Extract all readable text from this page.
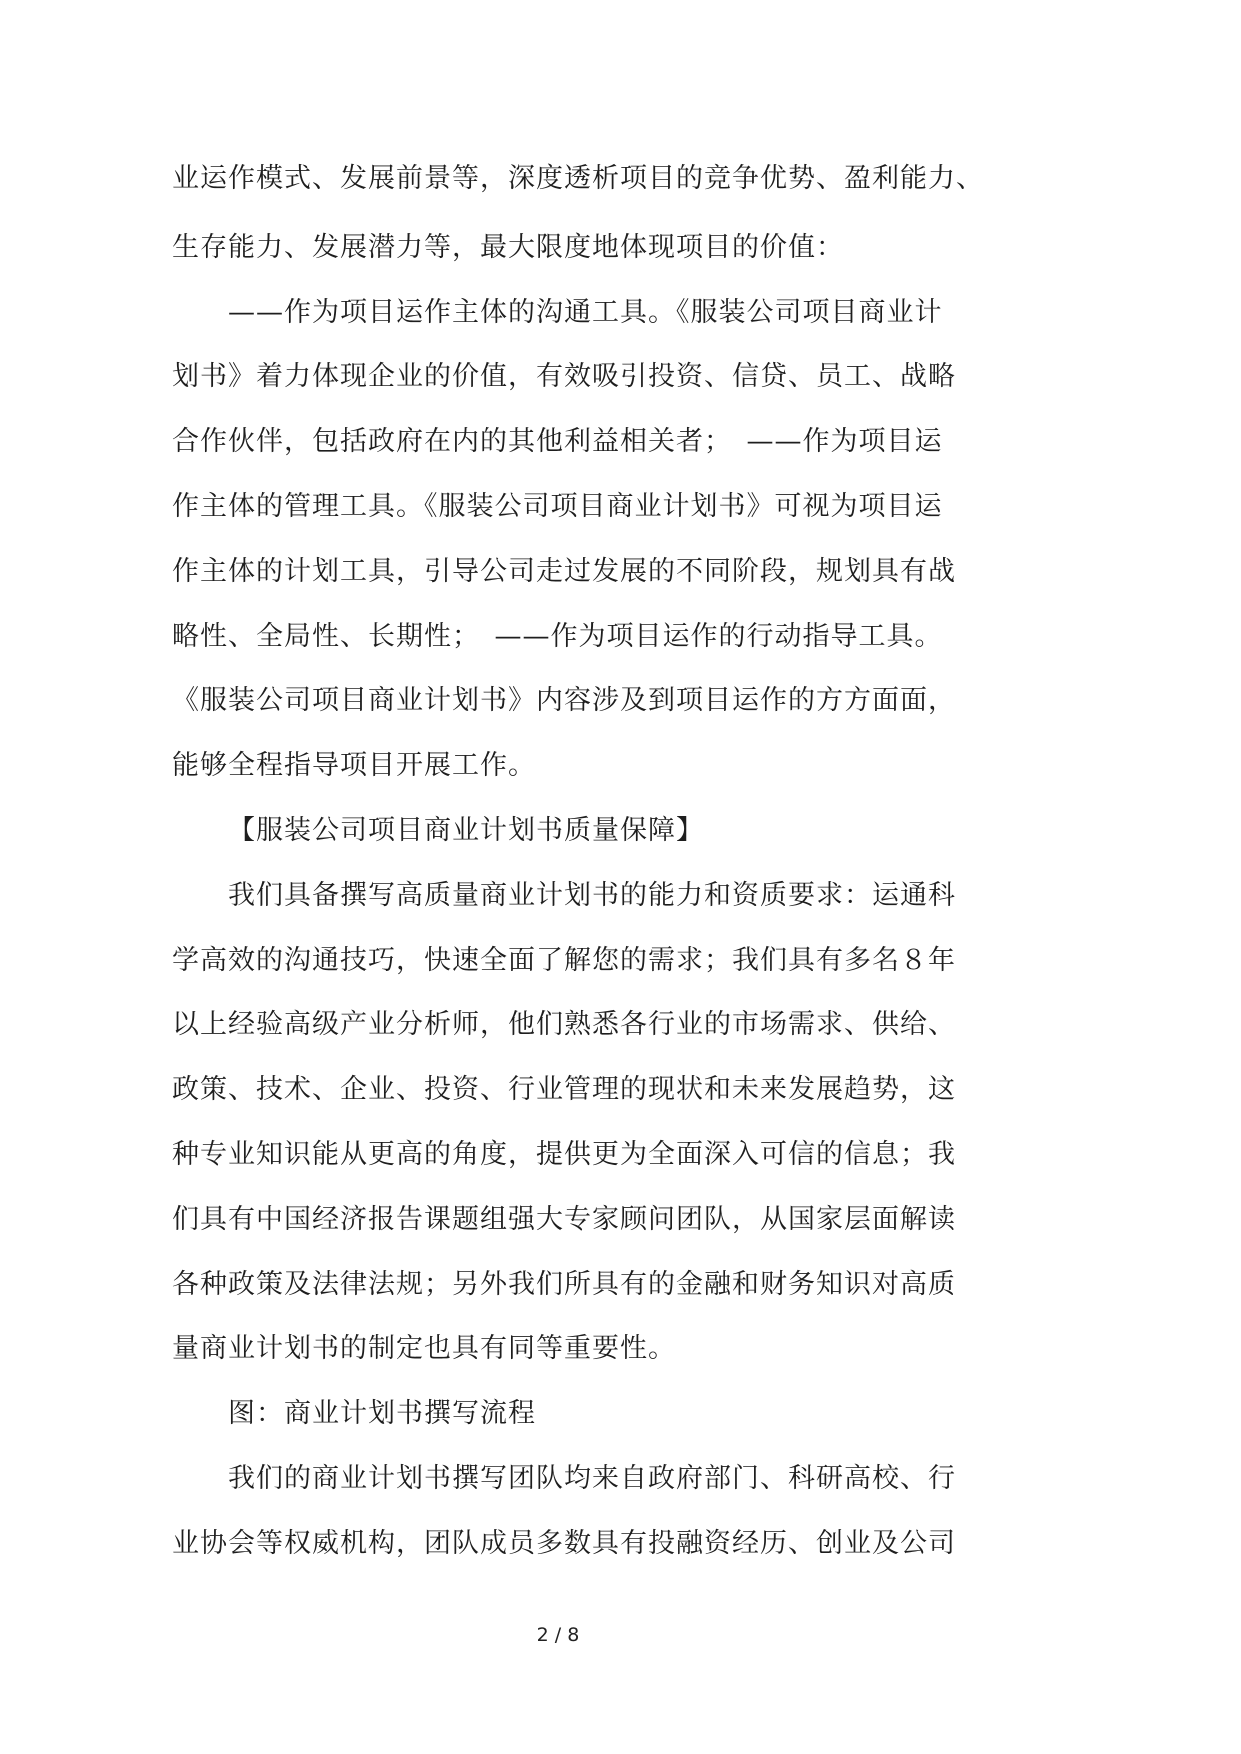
业运作模式、发展前景等，深度透析项目的竞争优势、盈利能力、
生存能力、发展潜力等，最大限度地体现项目的价值：
——作为项目运作主体的沟通工具。《服装公司项目商业计
划书》着力体现企业的价值，有效吸引投资、信贷、员工、战略
合作伙伴，包括政府在内的其他利益相关者；　——作为项目运
作主体的管理工具。《服装公司项目商业计划书》可视为项目运
作主体的计划工具，引导公司走过发展的不同阶段，规划具有战
略性、全局性、长期性；　——作为项目运作的行动指导工具。
《服装公司项目商业计划书》内容涉及到项目运作的方方面面，
能够全程指导项目开展工作。
【服装公司项目商业计划书质量保障】
我们具备撰写高质量商业计划书的能力和资质要求：运通科
学高效的沟通技巧，快速全面了解您的需求；我们具有多名８年
以上经验高级产业分析师，他们熟悉各行业的市场需求、供给、
政策、技术、企业、投资、行业管理的现状和未来发展趋势，这
种专业知识能从更高的角度，提供更为全面深入可信的信息；我
们具有中国经济报告课题组强大专家顾问团队，从国家层面解读
各种政策及法律法规；另外我们所具有的金融和财务知识对高质
量商业计划书的制定也具有同等重要性。
图：商业计划书撰写流程
我们的商业计划书撰写团队均来自政府部门、科研高校、行
业协会等权威机构，团队成员多数具有投融资经历、创业及公司
2 / 8
